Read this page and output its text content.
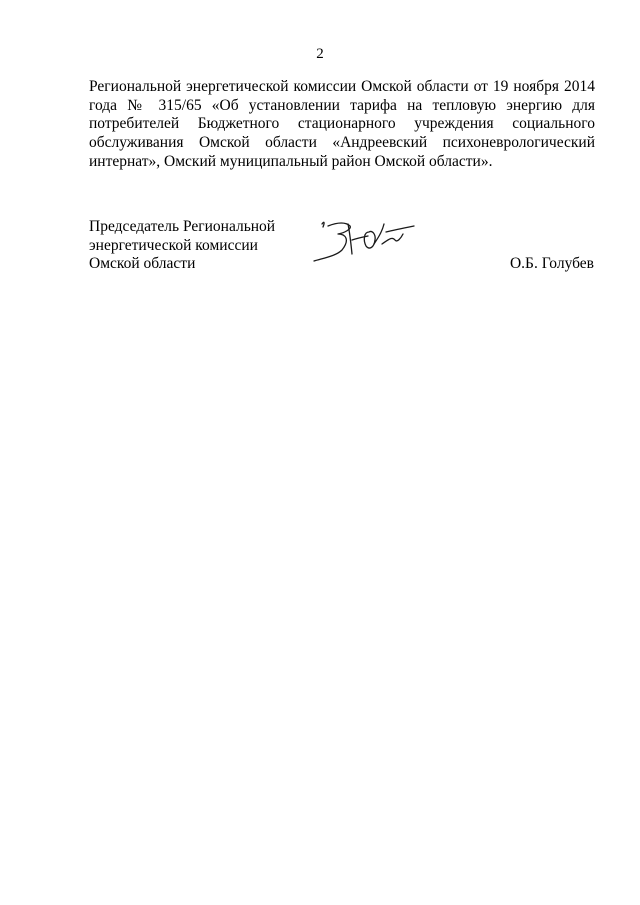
2
Региональной энергетической комиссии Омской области от 19 ноября 2014
года № 315/65 «Об установлении тарифа на тепловую энергию для
потребителей Бюджетного стационарного учреждения социального
обслуживания Омской области «Андреевский психоневрологический
интернат», Омский муниципальный район Омской области».
Председатель Региональной
энергетической комиссии
Омской области	О.Б. Голубев
